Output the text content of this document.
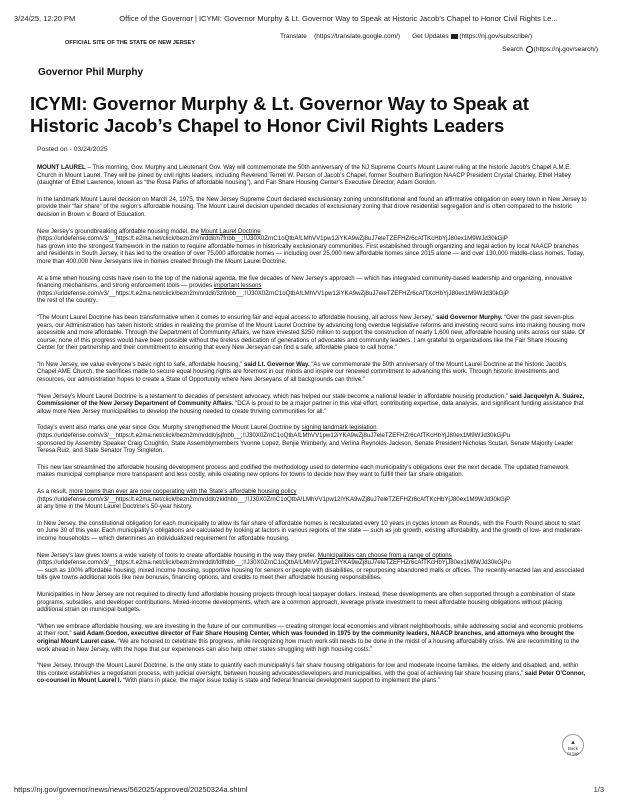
3/24/25, 12:20 PM	Office of the Governor | ICYMI: Governor Murphy & Lt. Governor Way to Speak at Historic Jacob’s Chapel to Honor Civil Rights Le...
OFFICIAL SITE OF THE STATE OF NEW JERSEY
Translate (https://translate.google.com/) Get Updates (https://nj.gov/subscribe/)
Search (https://nj.gov/search/)
Governor Phil Murphy
ICYMI: Governor Murphy & Lt. Governor Way to Speak at Historic Jacob’s Chapel to Honor Civil Rights Leaders
Posted on - 03/24/2025

MOUNT LAUREL – This morning, Gov. Murphy and Lieutenant Gov. Way will commemorate the 50th anniversary of the NJ Supreme Court’s Mount Laurel ruling at the historic Jacob’s Chapel A.M.E. Church in Mount Laurel. They will be joined by civil rights leaders, including Reverend Terrell W. Person of Jacob’s Chapel, former Southern Burlington NAACP President Crystal Charley, Ethel Halley (daughter of Ethel Lawrence, known as “the Rosa Parks of affordable housing”), and Fair Share Housing Center’s Executive Director, Adam Gordon.

In the landmark Mount Laurel decision on March 24, 1975, the New Jersey Supreme Court declared exclusionary zoning unconstitutional and found an affirmative obligation on every town in New Jersey to provide their “fair share” of the region’s affordable housing. The Mount Laurel decision upended decades of exclusionary zoning that drove residential segregation and is often compared to the historic decision in Brown v. Board of Education.

New Jersey’s groundbreaking affordable housing model, the Mount Laurel Doctrine
(https://urldefense.com/v3/__https:/t.e2ma.net/click/bezn2m/nrddit/n7fnbb__;!!J30X0ZrnC1oQtbA!LMhVV1pw12iYKA9wZj8uJ7eleTZEFHZr6cAfTKcHbYjJ80ex1M9WJd30kGjP
has grown into the strongest framework in the nation to require affordable homes in historically exclusionary communities. First established through organizing and legal action by local NAACP branches and residents in South Jersey, it has led to the creation of over 75,000 affordable homes — including over 25,000 new affordable homes since 2015 alone — and over 130,000 middle-class homes. Today, more than 400,000 New Jerseyans live in homes created through the Mount Laurel Doctrine.

At a time when housing costs have risen to the top of the national agenda, the five decades of New Jersey’s approach — which has integrated community-based leadership and organizing, innovative financing mechanisms, and strong enforcement tools — provides important lessons
(https://urldefense.com/v3/__https:/t.e2ma.net/click/bezn2m/nrddit/3zifnbb__;!!J30X0ZrnC1oQtbA!LMhVV1pw12iYKA9wZj8uJ7eleTZEFHZr6cAfTKcHbYjJ80ex1M9WJd30kGjP
the rest of the country.

“The Mount Laurel Doctrine has been transformative when it comes to ensuring fair and equal access to affordable housing, all across New Jersey,” said Governor Murphy. “Over the past seven-plus years, our Administration has taken historic strides in realizing the promise of the Mount Laurel Doctrine by advancing long overdue legislative reforms and investing record sums into making housing more accessible and more affordable. Through the Department of Community Affairs, we have invested $250 million to support the construction of nearly 1,600 new, affordable housing units across our state. Of course, none of this progress would have been possible without the tireless dedication of generations of advocates and community leaders. I am grateful to organizations like the Fair Share Housing Center for their partnership and their commitment to ensuring that every New Jerseyan can find a safe, affordable place to call home.”

“In New Jersey, we value everyone’s basic right to safe, affordable housing,” said Lt. Governor Way. “As we commemorate the 50th anniversary of the Mount Laurel Doctrine at the historic Jacob’s Chapel AME Church, the sacrifices made to secure equal housing rights are foremost in our minds and inspire our renewed commitment to advancing this work. Through historic investments and resources, our administration hopes to create a State of Opportunity where New Jerseyans of all backgrounds can thrive.”

“New Jersey’s Mount Laurel Doctrine is a testament to decades of persistent advocacy, which has helped our state become a national leader in affordable housing production,” said Jacquelyn A. Suárez, Commissioner of the New Jersey Department of Community Affairs. “DCA is proud to be a major partner in this vital effort, contributing expertise, data analysis, and significant funding assistance that allow more New Jersey municipalities to develop the housing needed to create thriving communities for all.”

Today’s event also marks one year since Gov. Murphy strengthened the Mount Laurel Doctrine by signing landmark legislation
(https://urldefense.com/v3/__https:/t.e2ma.net/click/bezn2m/nrddit/jsjfnbb__;!!J30X0ZrnC1oQtbA!LMhVV1pw12iYKA9wZj8uJ7eleTZEFHZr6cAfTKcHbYjJ80ex1M9WJd30kGjPu
sponsored by Assembly Speaker Craig Coughlin, State Assemblymembers Yvonne Lopez, Benjie Wimberly, and Verlina Reynolds-Jackson, Senate President Nicholas Scutari, Senate Majority Leader Teresa Ruiz, and State Senator Troy Singleton.

This new law streamlined the affordable housing development process and codified the methodology used to determine each municipality’s obligations over the next decade. The updated framework makes municipal compliance more transparent and less costly, while creating new options for towns to decide how they want to fulfill their fair share obligation.

As a result, more towns than ever are now cooperating with the State’s affordable housing policy
(https://urldefense.com/v3/__https:/t.e2ma.net/click/bezn2m/nrddit/zkkfnbb__;!!J30X0ZrnC1oQtbA!LMhVV1pw12iYKA9wZj8uJ7eleTZEFHZr6cAfTKcHbYjJ80ex1M9WJd30kGjP
at any time in the Mount Laurel Doctrine’s 50-year history.

In New Jersey, the constitutional obligation for each municipality to allow its fair share of affordable homes is recalculated every 10 years in cycles known as Rounds, with the Fourth Round about to start on June 30 of this year. Each municipality’s obligations are calculated by looking at factors in various regions of the state — such as job growth, existing affordability, and the growth of low- and moderate-income households — which determines an individualized requirement for affordable housing.

New Jersey’s law gives towns a wide variety of tools to create affordable housing in the way they prefer. Municipalities can choose from a range of options
(https://urldefense.com/v3/__https:/t.e2ma.net/click/bezn2m/nrddit/fdlfnbb__;!!J30X0ZrnC1oQtbA!LMhVV1pw12iYKA9wZj8uJ7eleTZEFHZr6cAfTKcHbYjJ80ex1M9WJd30kGjPu
— such as 100% affordable housing, mixed income housing, supportive housing for seniors or people with disabilities, or repurposing abandoned malls or offices. The recently-enacted law and associated bills give towns additional tools like new bonuses, financing options, and credits to meet their affordable housing responsibilities.

Municipalities in New Jersey are not required to directly fund affordable housing projects through local taxpayer dollars. Instead, these developments are often supported through a combination of state programs, subsidies, and developer contributions. Mixed-income developments, which are a common approach, leverage private investment to meet affordable housing obligations without placing additional strain on municipal budgets.

“When we embrace affordable housing, we are investing in the future of our communities — creating stronger local economies and vibrant neighborhoods, while addressing social and economic problems at their root,” said Adam Gordon, executive director of Fair Share Housing Center, which was founded in 1975 by the community leaders, NAACP branches, and attorneys who brought the original Mount Laurel case. “We are honored to celebrate this progress, while recognizing how much work still needs to be done in the midst of a housing affordability crisis. We are recommitting to the work ahead in New Jersey, with the hope that our experiences can also help other states struggling with high housing costs.”

“New Jersey, through the Mount Laurel Doctrine, is the only state to quantify each municipality’s fair share housing obligations for low and moderate income families, the elderly and disabled; and, within this context establishes a negotiation process, with judicial oversight, between housing advocates/developers and municipalities, with the goal of achieving fair share housing plans,” said Peter O’Connor, co-counsel in Mount Laurel I. “With plans in place, the major issue today is state and federal financial development support to implement the plans.”

▲
Back
to top
https://nj.gov/governor/news/news/562025/approved/20250324a.shtml	1/3
